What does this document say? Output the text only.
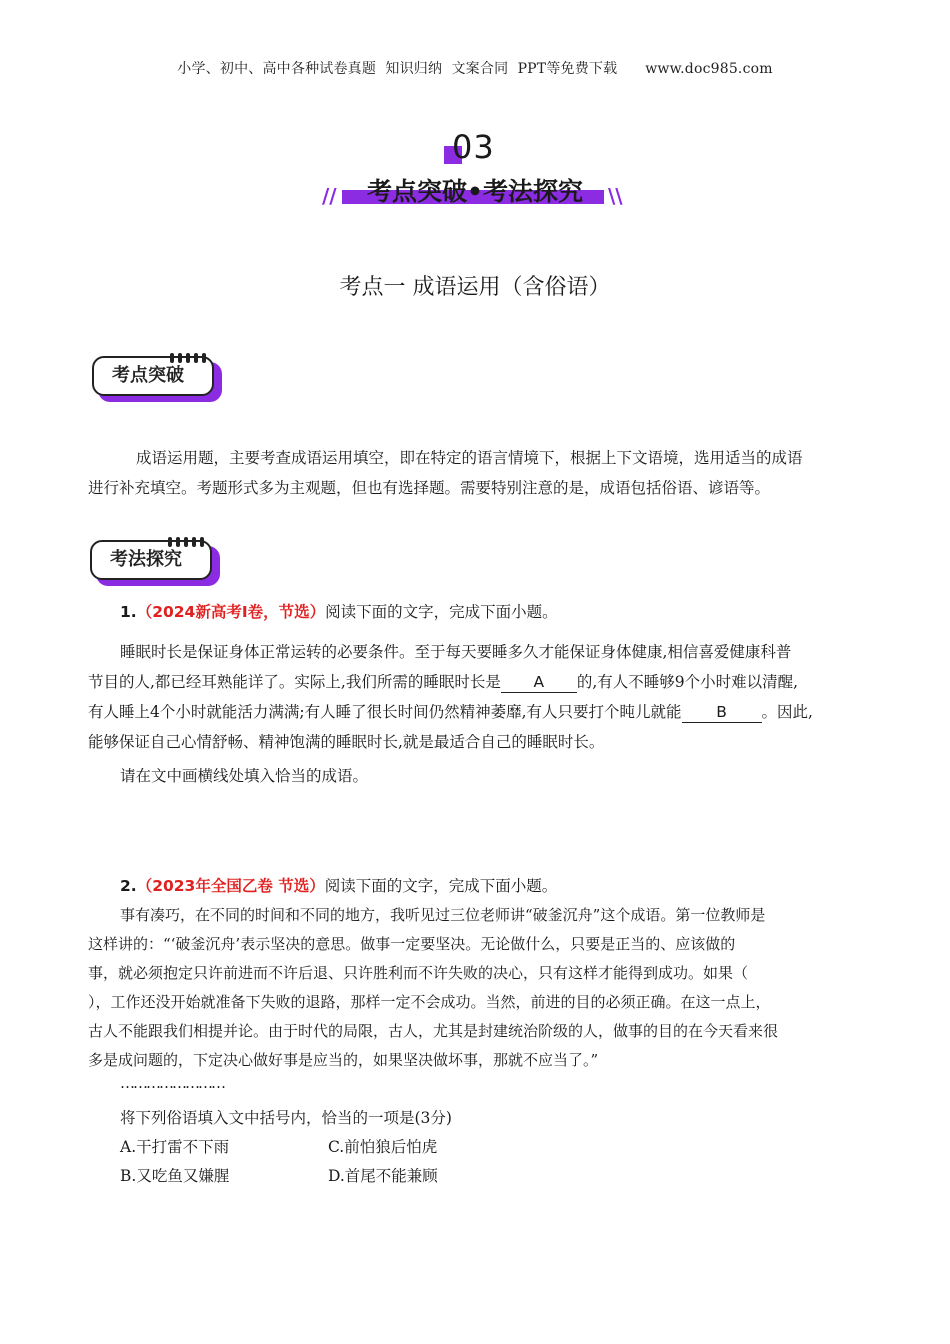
小学、初中、高中各种试卷真题  知识归纳  文案合同  PPT等免费下载      www.doc985.com
03
//	考点突破•考法探究	\\
考点一 成语运用（含俗语）
考点突破
成语运用题，主要考查成语运用填空，即在特定的语言情境下，根据上下文语境，选用适当的成语
进行补充填空。考题形式多为主观题，但也有选择题。需要特别注意的是，成语包括俗语、谚语等。
考法探究
1.（2024新高考Ⅰ卷，节选）阅读下面的文字，完成下面小题。
睡眠时长是保证身体正常运转的必要条件。至于每天要睡多久才能保证身体健康,相信喜爱健康科普
节目的人,都已经耳熟能详了。实际上,我们所需的睡眠时长是 A 的,有人不睡够9个小时难以清醒,
有人睡上4个小时就能活力满满;有人睡了很长时间仍然精神萎靡,有人只要打个盹儿就能 B 。因此,
能够保证自己心情舒畅、精神饱满的睡眠时长,就是最适合自己的睡眠时长。
请在文中画横线处填入恰当的成语。
2.（2023年全国乙卷 节选）阅读下面的文字，完成下面小题。
事有凑巧，在不同的时间和不同的地方，我听见过三位老师讲“破釜沉舟”这个成语。第一位教师是
这样讲的：“‘破釜沉舟’表示坚决的意思。做事一定要坚决。无论做什么，只要是正当的、应该做的
事，就必须抱定只许前进而不许后退、只许胜利而不许失败的决心，只有这样才能得到成功。如果（
），工作还没开始就准备下失败的退路，那样一定不会成功。当然，前进的目的必须正确。在这一点上，
古人不能跟我们相提并论。由于时代的局限，古人，尤其是封建统治阶级的人，做事的目的在今天看来很
多是成问题的，下定决心做好事是应当的，如果坚决做坏事，那就不应当了。”
……………………
将下列俗语填入文中括号内，恰当的一项是(3分)
A.干打雷不下雨	C.前怕狼后怕虎
B.又吃鱼又嫌腥	D.首尾不能兼顾
